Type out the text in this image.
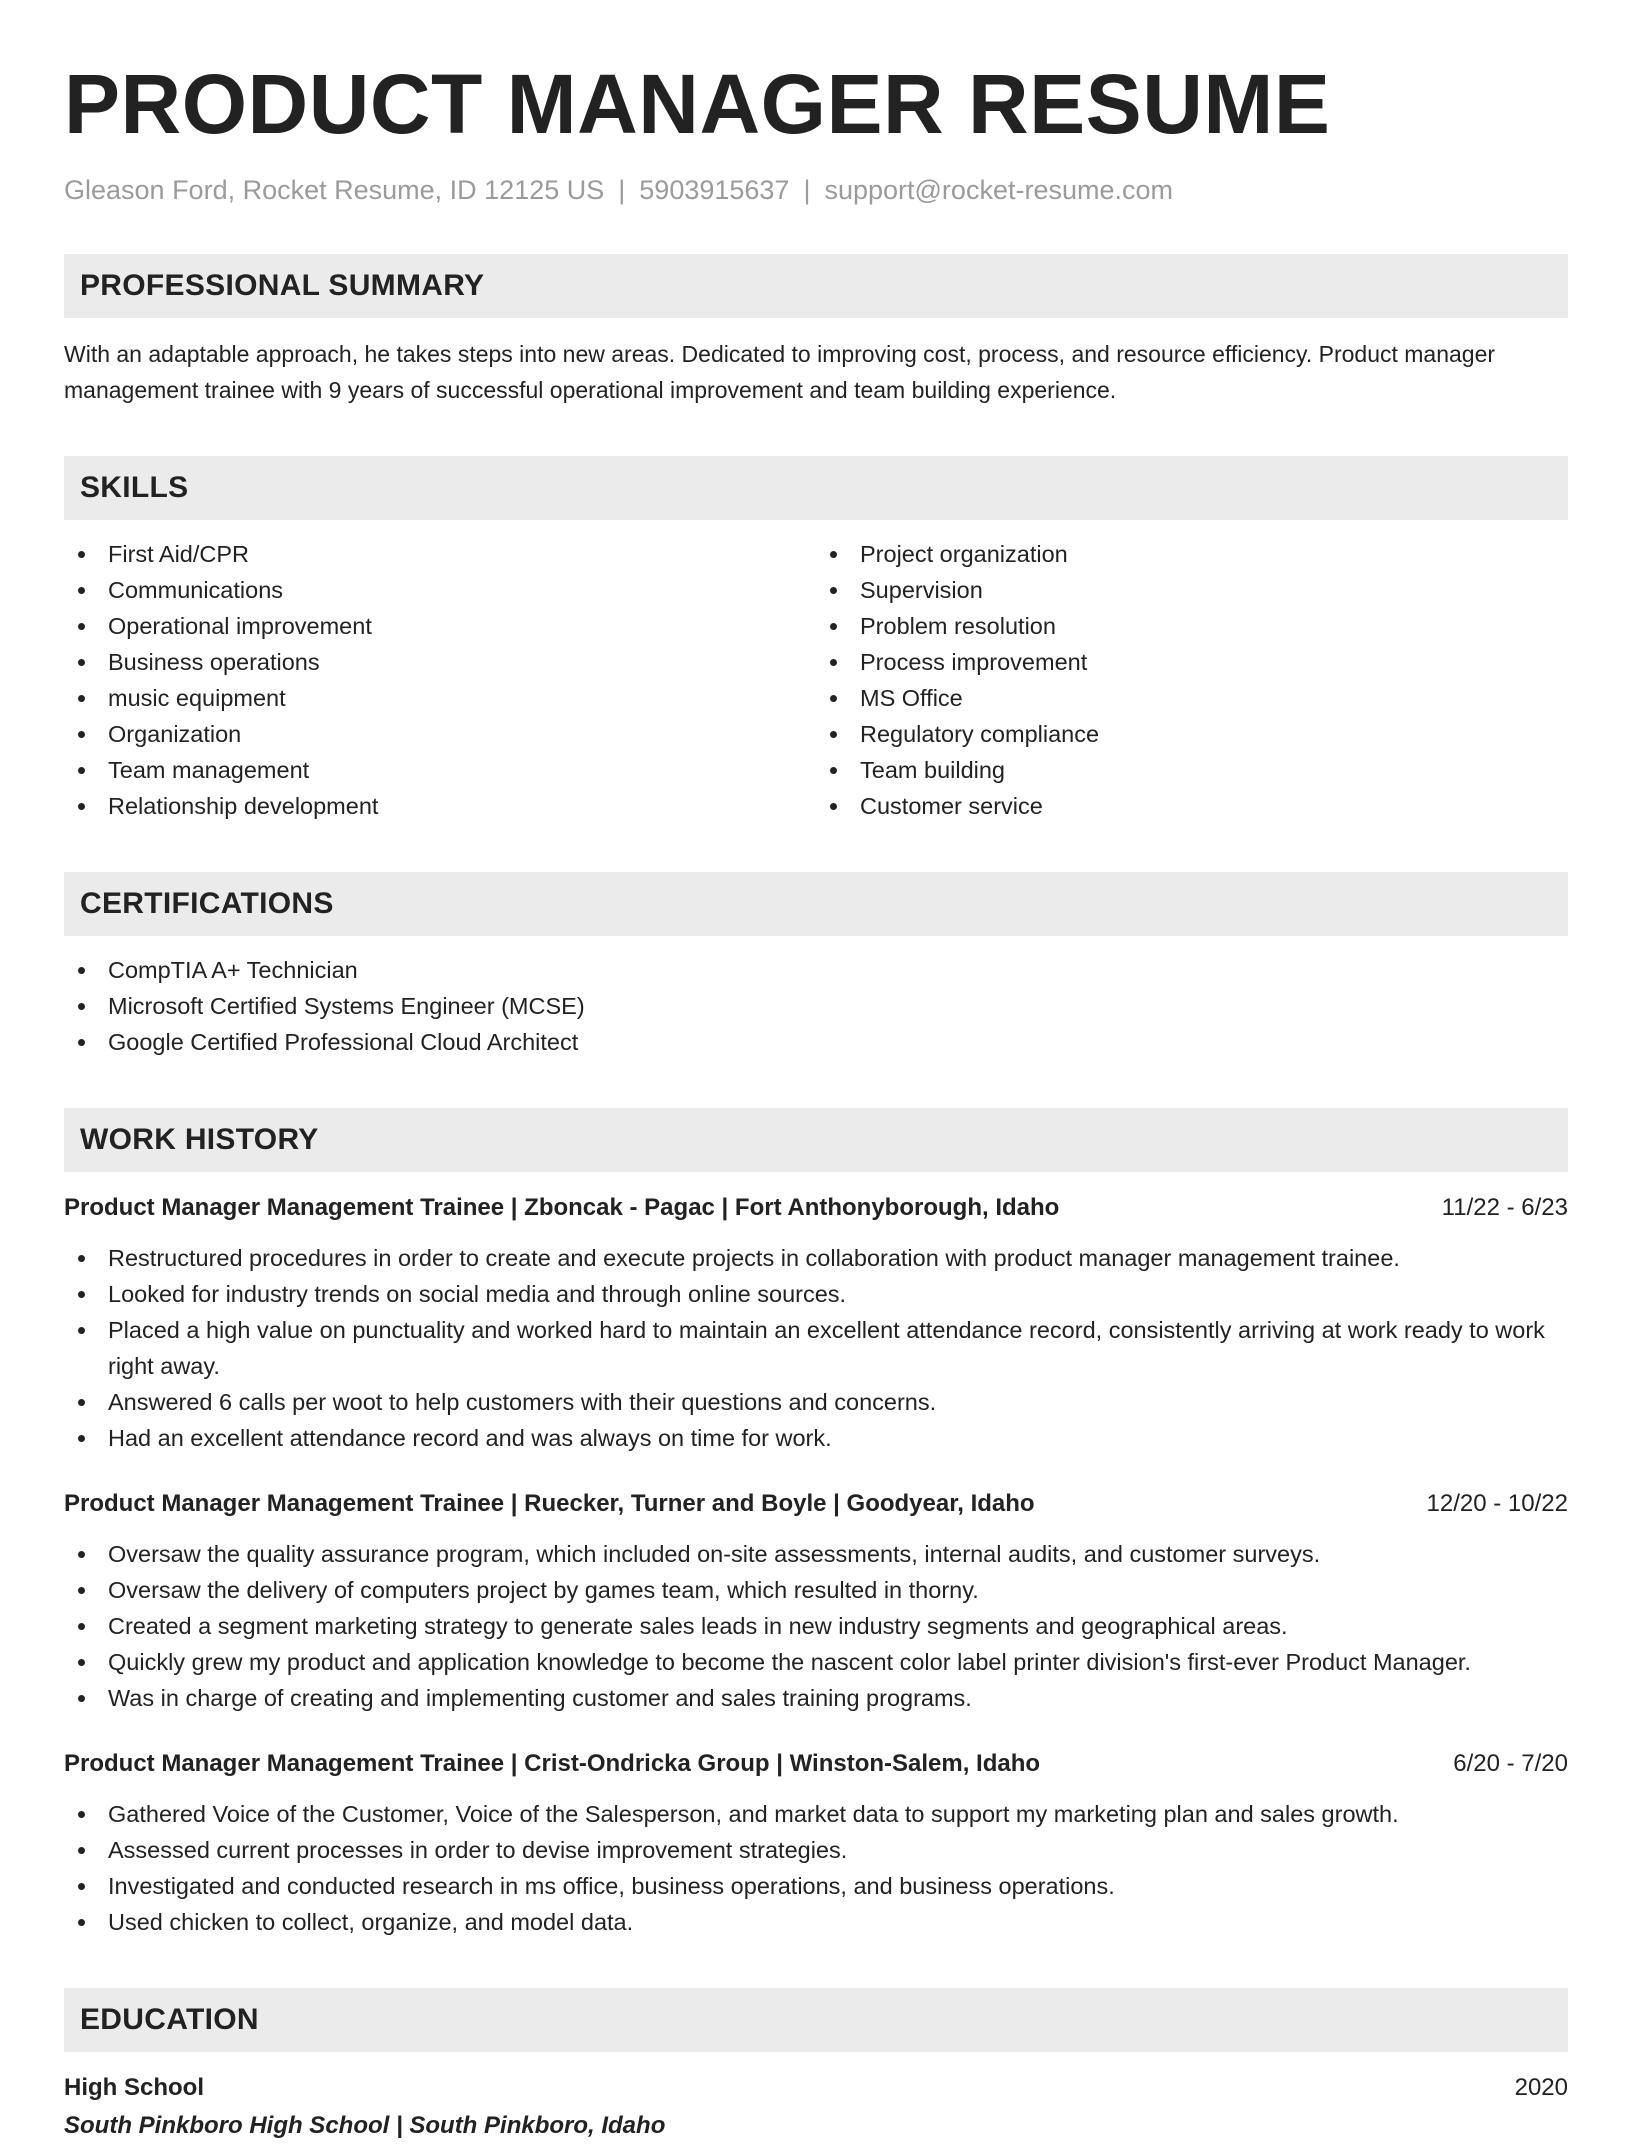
PRODUCT MANAGER RESUME
Gleason Ford, Rocket Resume, ID 12125 US | 5903915637 | support@rocket-resume.com
PROFESSIONAL SUMMARY

With an adaptable approach, he takes steps into new areas. Dedicated to improving cost, process, and resource efficiency. Product manager management trainee with 9 years of successful operational improvement and team building experience.

SKILLS
First Aid/CPR
Communications
Operational improvement
Business operations
music equipment
Organization
Team management
Relationship development
Project organization
Supervision
Problem resolution
Process improvement
MS Office
Regulatory compliance
Team building
Customer service
CERTIFICATIONS
CompTIA A+ Technician
Microsoft Certified Systems Engineer (MCSE)
Google Certified Professional Cloud Architect
WORK HISTORY
Product Manager Management Trainee | Zboncak - Pagac | Fort Anthonyborough, Idaho	11/22 - 6/23
Restructured procedures in order to create and execute projects in collaboration with product manager management trainee.
Looked for industry trends on social media and through online sources.
Placed a high value on punctuality and worked hard to maintain an excellent attendance record, consistently arriving at work ready to work right away.
Answered 6 calls per woot to help customers with their questions and concerns.
Had an excellent attendance record and was always on time for work.
Product Manager Management Trainee | Ruecker, Turner and Boyle | Goodyear, Idaho	12/20 - 10/22
Oversaw the quality assurance program, which included on-site assessments, internal audits, and customer surveys.
Oversaw the delivery of computers project by games team, which resulted in thorny.
Created a segment marketing strategy to generate sales leads in new industry segments and geographical areas.
Quickly grew my product and application knowledge to become the nascent color label printer division's first-ever Product Manager.
Was in charge of creating and implementing customer and sales training programs.
Product Manager Management Trainee | Crist-Ondricka Group | Winston-Salem, Idaho	6/20 - 7/20
Gathered Voice of the Customer, Voice of the Salesperson, and market data to support my marketing plan and sales growth.
Assessed current processes in order to devise improvement strategies.
Investigated and conducted research in ms office, business operations, and business operations.
Used chicken to collect, organize, and model data.
EDUCATION
High School	2020
South Pinkboro High School | South Pinkboro, Idaho
